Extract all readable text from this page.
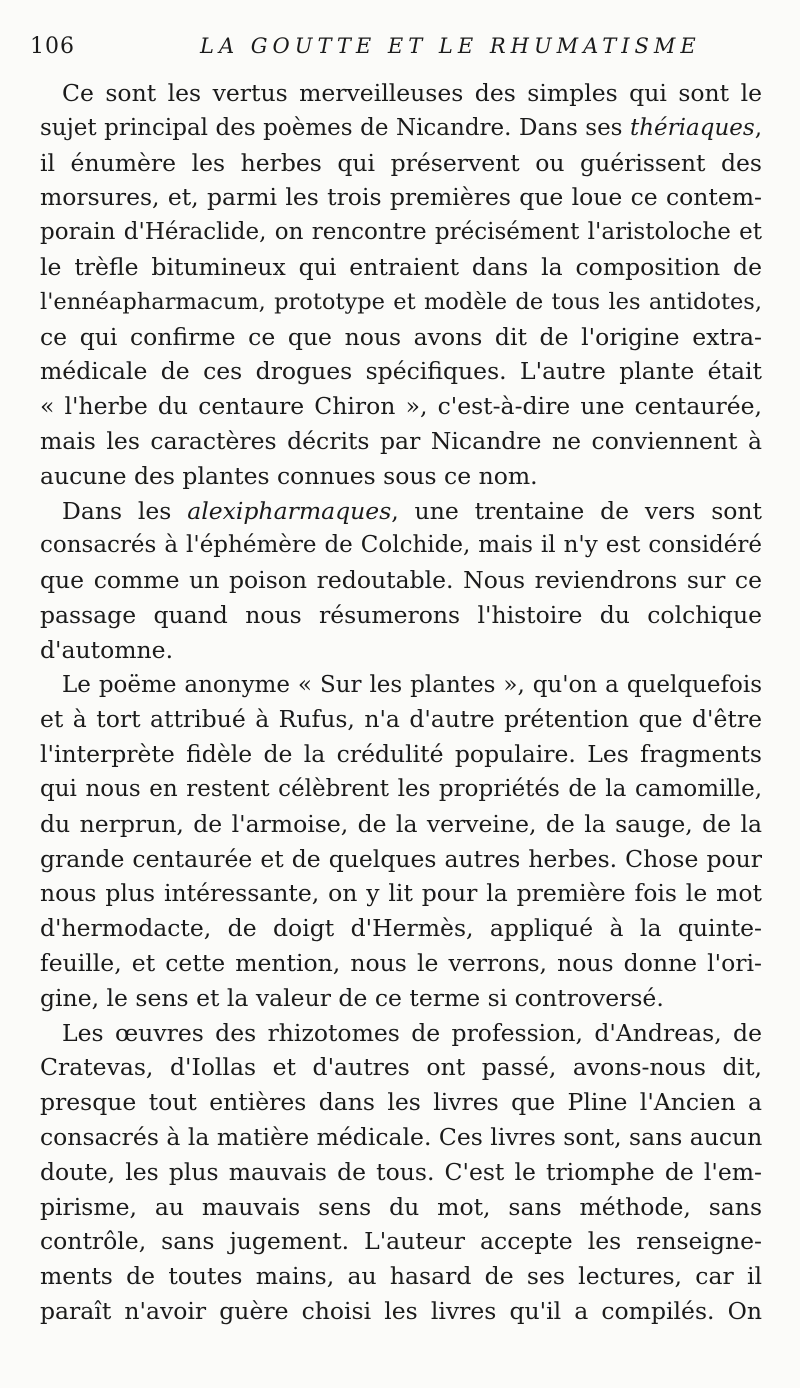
106	LA GOUTTE ET LE RHUMATISME
Ce sont les vertus merveilleuses des simples qui sont le
sujet principal des poèmes de Nicandre. Dans ses thériaques,
il énumère les herbes qui préservent ou guérissent des
morsures, et, parmi les trois premières que loue ce contem-
porain d'Héraclide, on rencontre précisément l'aristoloche et
le trèfle bitumineux qui entraient dans la composition de
l'ennéapharmacum, prototype et modèle de tous les antidotes,
ce qui confirme ce que nous avons dit de l'origine extra-
médicale de ces drogues spécifiques. L'autre plante était
« l'herbe du centaure Chiron », c'est-à-dire une centaurée,
mais les caractères décrits par Nicandre ne conviennent à
aucune des plantes connues sous ce nom.
Dans les alexipharmaques, une trentaine de vers sont
consacrés à l'éphémère de Colchide, mais il n'y est considéré
que comme un poison redoutable. Nous reviendrons sur ce
passage quand nous résumerons l'histoire du colchique
d'automne.
Le poëme anonyme « Sur les plantes », qu'on a quelquefois
et à tort attribué à Rufus, n'a d'autre prétention que d'être
l'interprète fidèle de la crédulité populaire. Les fragments
qui nous en restent célèbrent les propriétés de la camomille,
du nerprun, de l'armoise, de la verveine, de la sauge, de la
grande centaurée et de quelques autres herbes. Chose pour
nous plus intéressante, on y lit pour la première fois le mot
d'hermodacte, de doigt d'Hermès, appliqué à la quinte-
feuille, et cette mention, nous le verrons, nous donne l'ori-
gine, le sens et la valeur de ce terme si controversé.
Les œuvres des rhizotomes de profession, d'Andreas, de
Cratevas, d'Iollas et d'autres ont passé, avons-nous dit,
presque tout entières dans les livres que Pline l'Ancien a
consacrés à la matière médicale. Ces livres sont, sans aucun
doute, les plus mauvais de tous. C'est le triomphe de l'em-
pirisme, au mauvais sens du mot, sans méthode, sans
contrôle, sans jugement. L'auteur accepte les renseigne-
ments de toutes mains, au hasard de ses lectures, car il
paraît n'avoir guère choisi les livres qu'il a compilés. On
